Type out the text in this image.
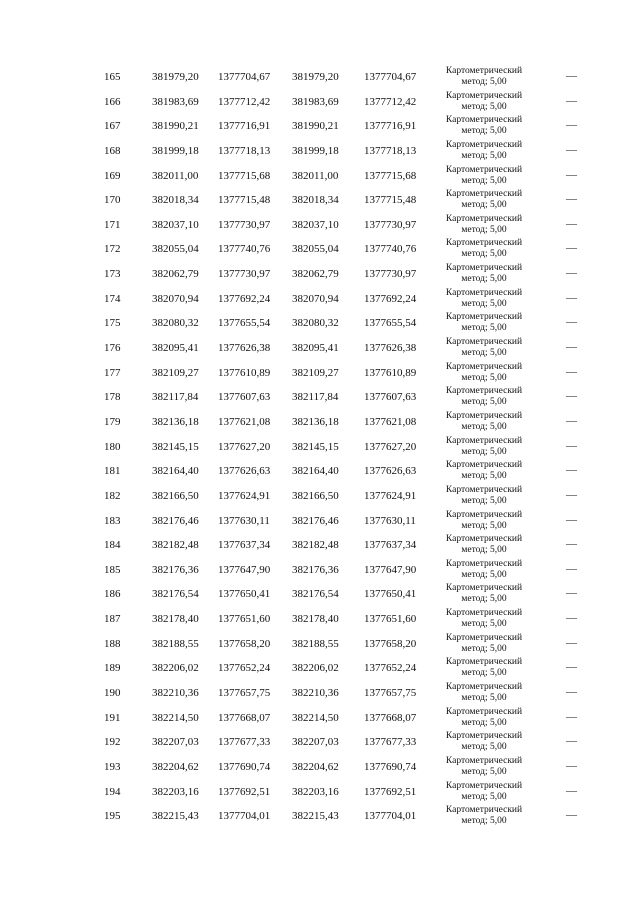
165	381979,20 1377704,67 381979,20 1377704,67	Картометрический
метод; 5,00	—
166	381983,69 1377712,42 381983,69 1377712,42	Картометрический
метод; 5,00	—
167	381990,21 1377716,91 381990,21 1377716,91	Картометрический
метод; 5,00	—
168	381999,18 1377718,13 381999,18 1377718,13	Картометрический
метод; 5,00	—
169	382011,00 1377715,68 382011,00 1377715,68	Картометрический
метод; 5,00	—
170	382018,34 1377715,48 382018,34 1377715,48	Картометрический
метод; 5,00	—
171	382037,10 1377730,97 382037,10 1377730,97	Картометрический
метод; 5,00	—
172	382055,04 1377740,76 382055,04 1377740,76	Картометрический
метод; 5,00	—
173	382062,79 1377730,97 382062,79 1377730,97	Картометрический
метод; 5,00	—
174	382070,94 1377692,24 382070,94 1377692,24	Картометрический
метод; 5,00	—
175	382080,32 1377655,54 382080,32 1377655,54	Картометрический
метод; 5,00	—
176	382095,41 1377626,38 382095,41 1377626,38	Картометрический
метод; 5,00	—
177	382109,27 1377610,89 382109,27 1377610,89	Картометрический
метод; 5,00	—
178	382117,84 1377607,63 382117,84 1377607,63	Картометрический
метод; 5,00	—
179	382136,18 1377621,08 382136,18 1377621,08	Картометрический
метод; 5,00	—
180	382145,15 1377627,20 382145,15 1377627,20	Картометрический
метод; 5,00	—
181	382164,40 1377626,63 382164,40 1377626,63	Картометрический
метод; 5,00	—
182	382166,50 1377624,91 382166,50 1377624,91	Картометрический
метод; 5,00	—
183	382176,46 1377630,11 382176,46 1377630,11	Картометрический
метод; 5,00	—
184	382182,48 1377637,34 382182,48 1377637,34	Картометрический
метод; 5,00	—
185	382176,36 1377647,90 382176,36 1377647,90	Картометрический
метод; 5,00	—
186	382176,54 1377650,41 382176,54 1377650,41	Картометрический
метод; 5,00	—
187	382178,40 1377651,60 382178,40 1377651,60	Картометрический
метод; 5,00	—
188	382188,55 1377658,20 382188,55 1377658,20	Картометрический
метод; 5,00	—
189	382206,02 1377652,24 382206,02 1377652,24	Картометрический
метод; 5,00	—
190	382210,36 1377657,75 382210,36 1377657,75	Картометрический
метод; 5,00	—
191	382214,50 1377668,07 382214,50 1377668,07	Картометрический
метод; 5,00	—
192	382207,03 1377677,33 382207,03 1377677,33	Картометрический
метод; 5,00	—
193	382204,62 1377690,74 382204,62 1377690,74	Картометрический
метод; 5,00	—
194	382203,16 1377692,51 382203,16 1377692,51	Картометрический
метод; 5,00	—
195	382215,43 1377704,01 382215,43 1377704,01	Картометрический
метод; 5,00	—
